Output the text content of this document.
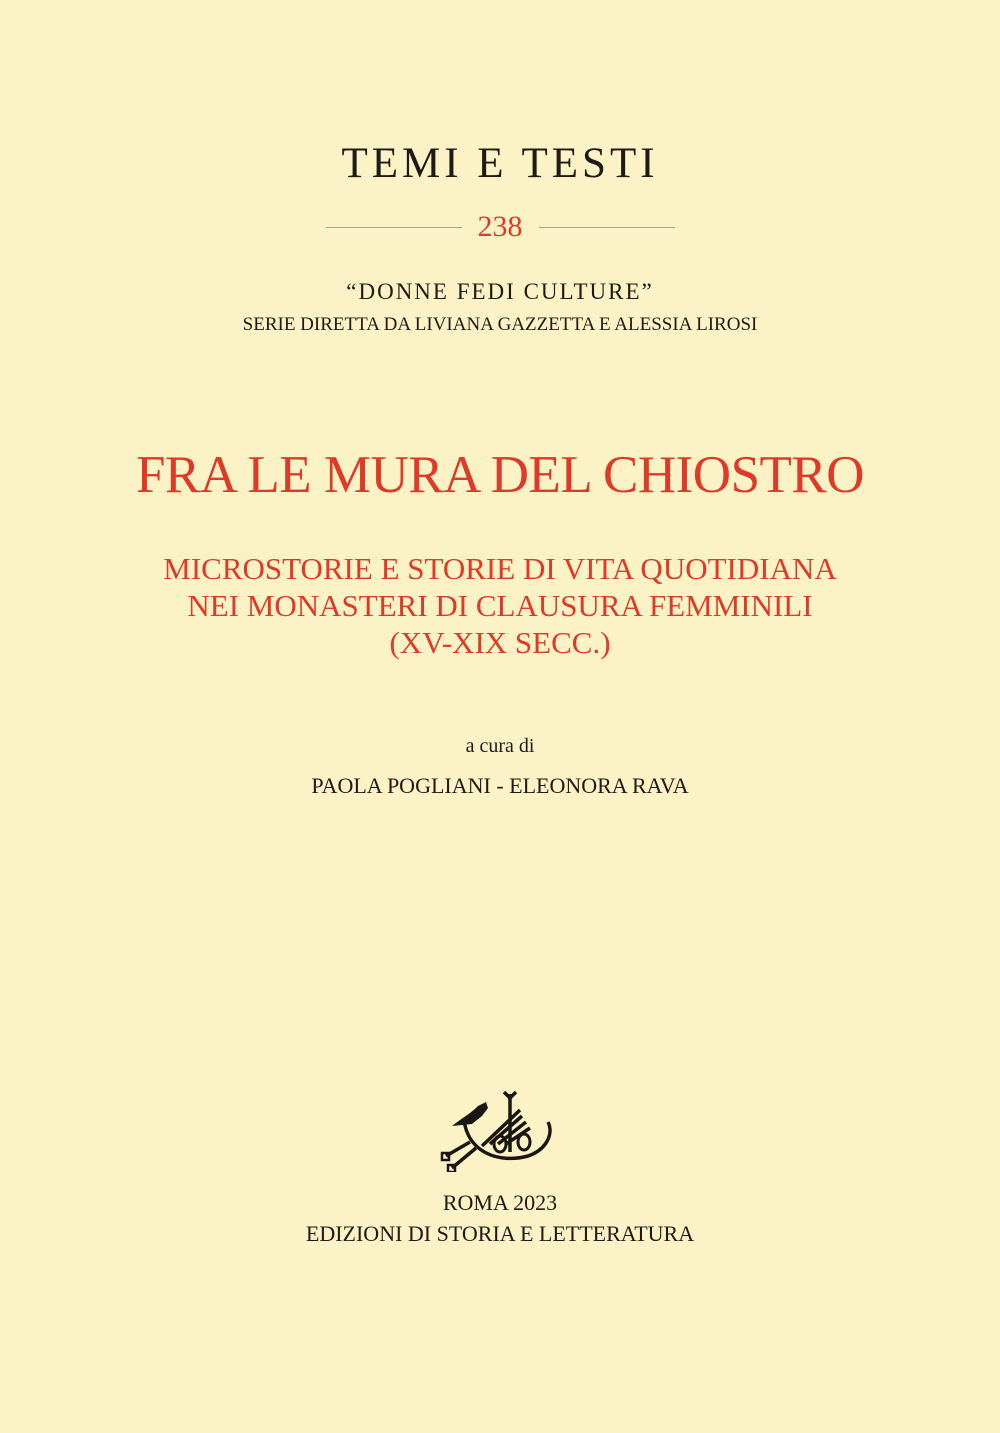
TEMI E TESTI
238
“DONNE FEDI CULTURE”
SERIE DIRETTA DA LIVIANA GAZZETTA E ALESSIA LIROSI
FRA LE MURA DEL CHIOSTRO
MICROSTORIE E STORIE DI VITA QUOTIDIANA
NEI MONASTERI DI CLAUSURA FEMMINILI
(XV-XIX SECC.)
a cura di
PAOLA POGLIANI - ELEONORA RAVA
ROMA 2023
EDIZIONI DI STORIA E LETTERATURA
